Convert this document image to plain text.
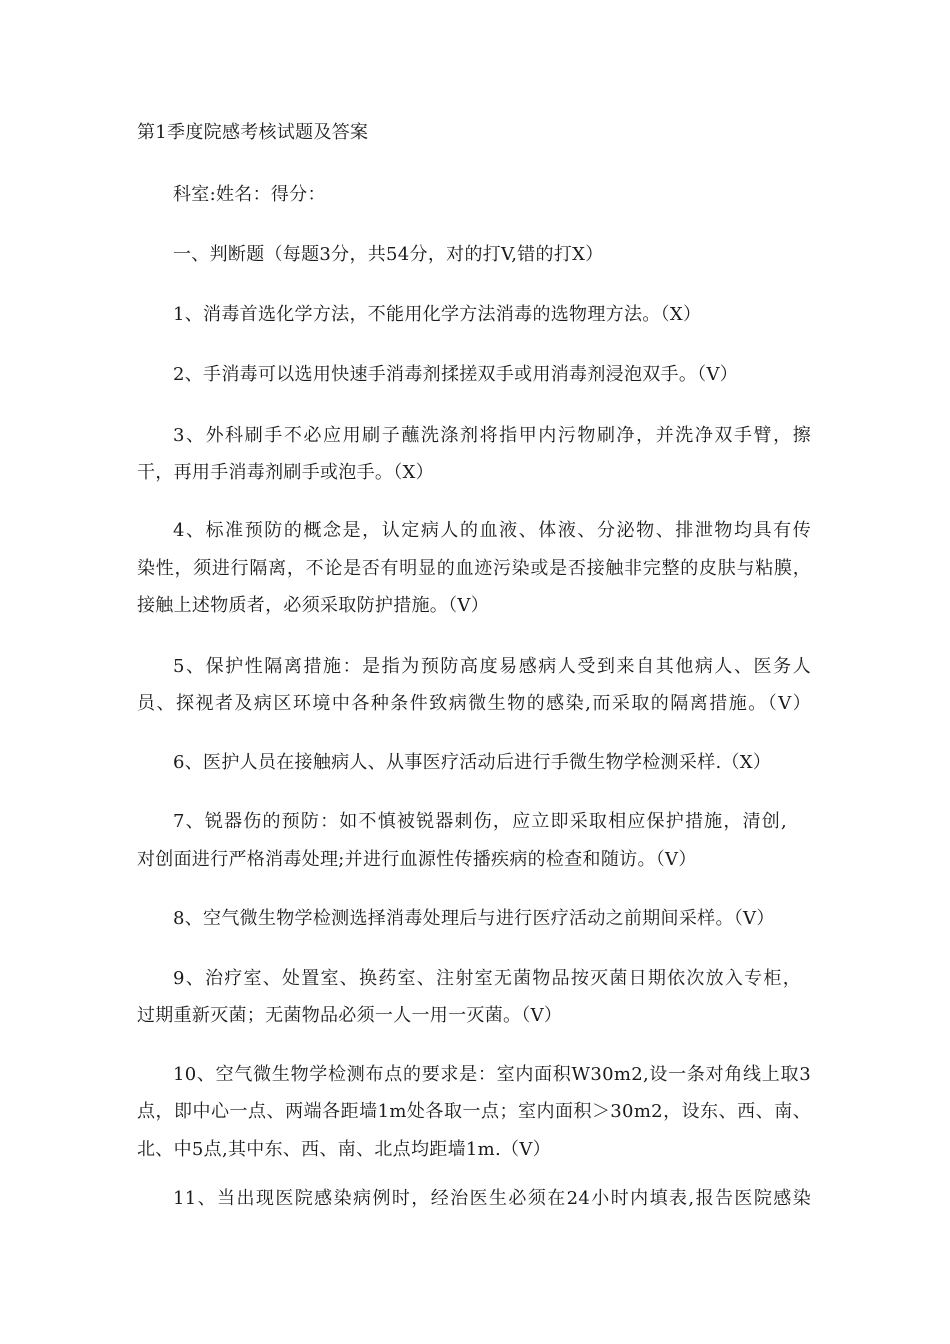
第1季度院感考核试题及答案
科室:姓名：得分：
一、判断题（每题3分，共54分，对的打V,错的打X）
1、消毒首选化学方法，不能用化学方法消毒的选物理方法。（X）
2、手消毒可以选用快速手消毒剂揉搓双手或用消毒剂浸泡双手。（V）
3、外科刷手不必应用刷子蘸洗涤剂将指甲内污物刷净，并洗净双手臂，擦
干，再用手消毒剂刷手或泡手。（X）
4、标准预防的概念是，认定病人的血液、体液、分泌物、排泄物均具有传
染性，须进行隔离，不论是否有明显的血迹污染或是否接触非完整的皮肤与粘膜，
接触上述物质者，必须采取防护措施。（V）
5、保护性隔离措施：是指为预防高度易感病人受到来自其他病人、医务人
员、探视者及病区环境中各种条件致病微生物的感染,而采取的隔离措施。（V）
6、医护人员在接触病人、从事医疗活动后进行手微生物学检测采样.（X）
7、锐器伤的预防：如不慎被锐器刺伤，应立即采取相应保护措施，清创,
对创面进行严格消毒处理;并进行血源性传播疾病的检查和随访。（V）
8、空气微生物学检测选择消毒处理后与进行医疗活动之前期间采样。（V）
9、治疗室、处置室、换药室、注射室无菌物品按灭菌日期依次放入专柜，
过期重新灭菌；无菌物品必须一人一用一灭菌。（V）
10、空气微生物学检测布点的要求是：室内面积W30m2,设一条对角线上取3
点，即中心一点、两端各距墙1m处各取一点；室内面积＞30m2，设东、西、南、
北、中5点,其中东、西、南、北点均距墙1m.（V）
11、当出现医院感染病例时，经治医生必须在24小时内填表,报告医院感染
